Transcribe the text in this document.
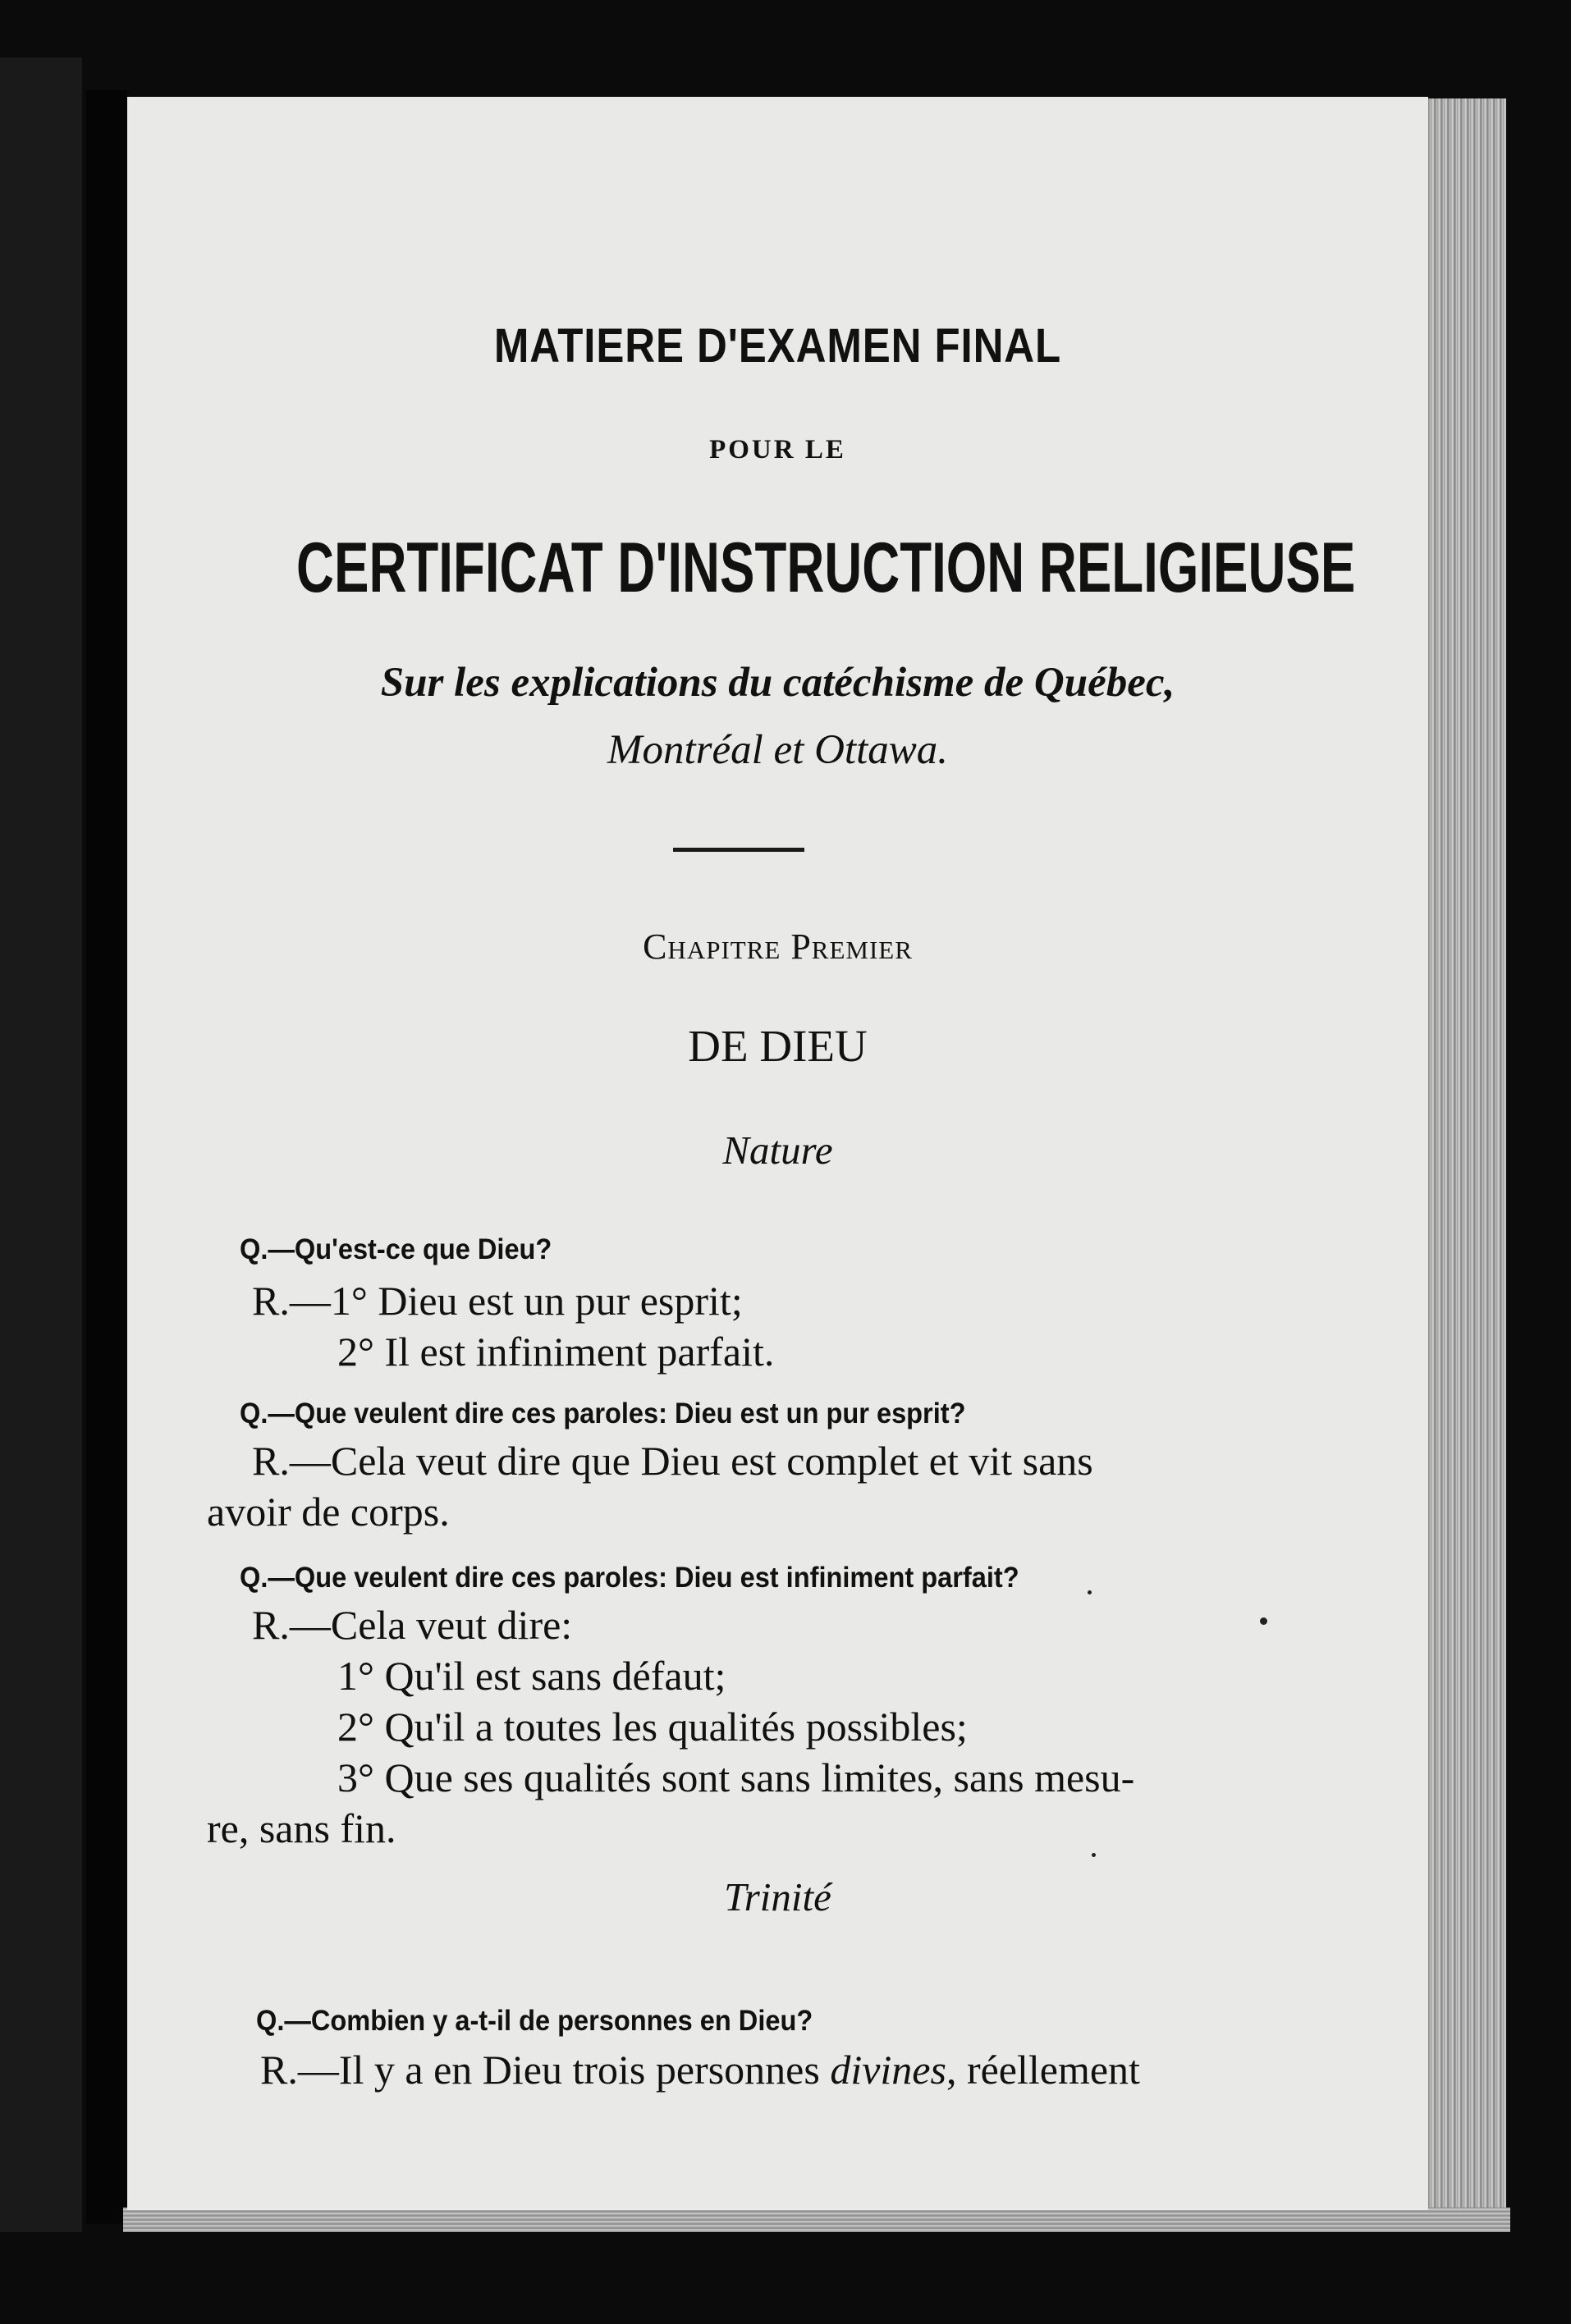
MATIERE D'EXAMEN FINAL

POUR LE

CERTIFICAT D'INSTRUCTION RELIGIEUSE

Sur les explications du catéchisme de Québec,

Montréal et Ottawa.

Chapitre Premier

DE DIEU

Nature

Q.—Qu'est-ce que Dieu?

R.—1° Dieu est un pur esprit;

2° Il est infiniment parfait.

Q.—Que veulent dire ces paroles: Dieu est un pur esprit?

R.—Cela veut dire que Dieu est complet et vit sans

avoir de corps.

Q.—Que veulent dire ces paroles: Dieu est infiniment parfait?

R.—Cela veut dire:

1° Qu'il est sans défaut;

2° Qu'il a toutes les qualités possibles;

3° Que ses qualités sont sans limites, sans mesu-

re, sans fin.

Trinité

Q.—Combien y a-t-il de personnes en Dieu?

R.—Il y a en Dieu trois personnes divines, réellement
